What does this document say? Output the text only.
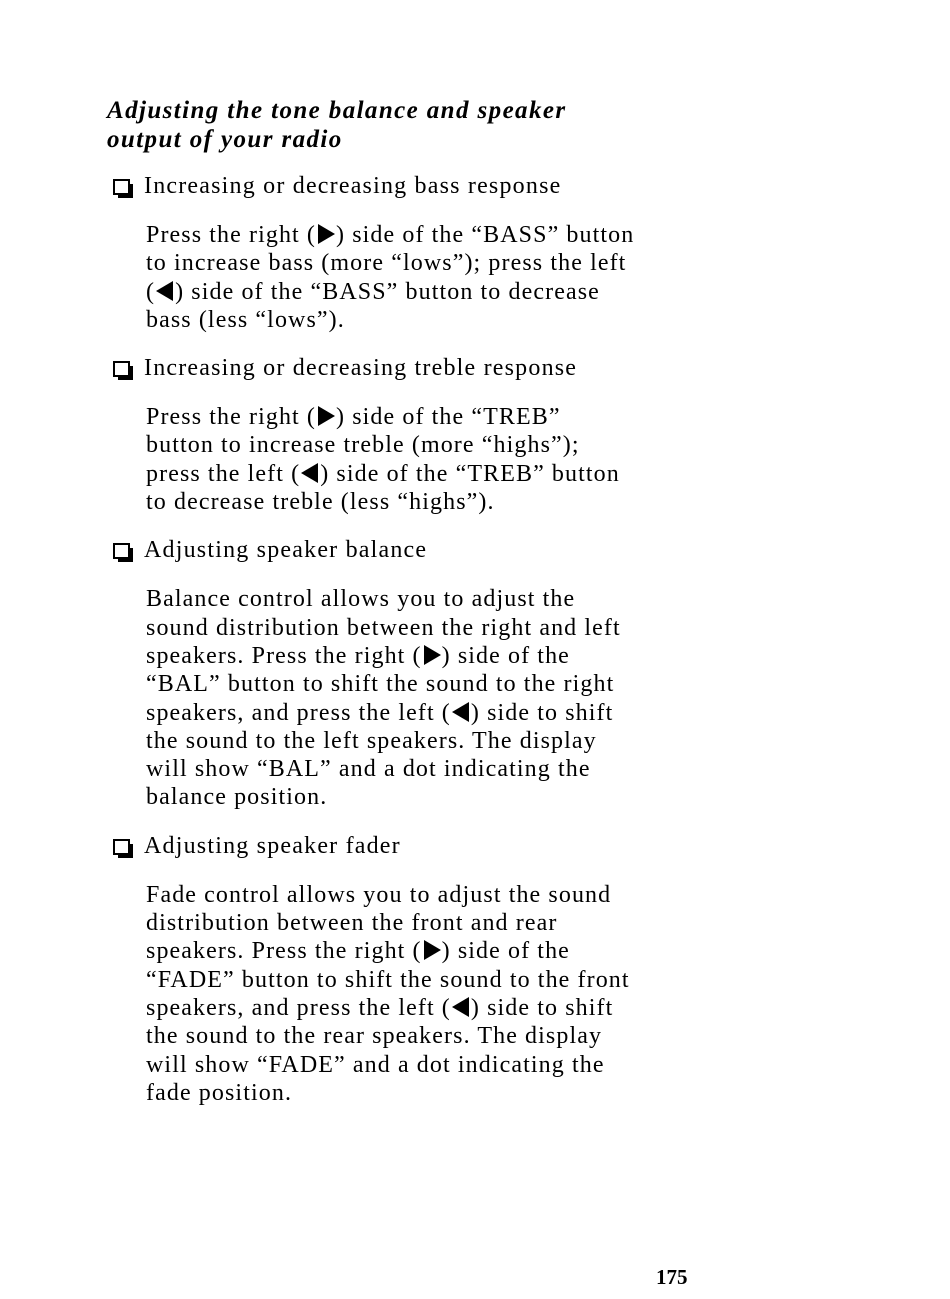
Adjusting the tone balance and speaker
output of your radio
Increasing or decreasing bass response
Press the right ( ) side of the “BASS” button
to increase bass (more “lows”); press the left
( ) side of the “BASS” button to decrease
bass (less “lows”).
Increasing or decreasing treble response
Press the right ( ) side of the “TREB”
button to increase treble (more “highs”);
press the left ( ) side of the “TREB” button
to decrease treble (less “highs”).
Adjusting speaker balance
Balance control allows you to adjust the
sound distribution between the right and left
speakers. Press the right ( ) side of the
“BAL” button to shift the sound to the right
speakers, and press the left ( ) side to shift
the sound to the left speakers. The display
will show “BAL” and a dot indicating the
balance position.
Adjusting speaker fader
Fade control allows you to adjust the sound
distribution between the front and rear
speakers. Press the right ( ) side of the
“FADE” button to shift the sound to the front
speakers, and press the left ( ) side to shift
the sound to the rear speakers. The display
will show “FADE” and a dot indicating the
fade position.
175
